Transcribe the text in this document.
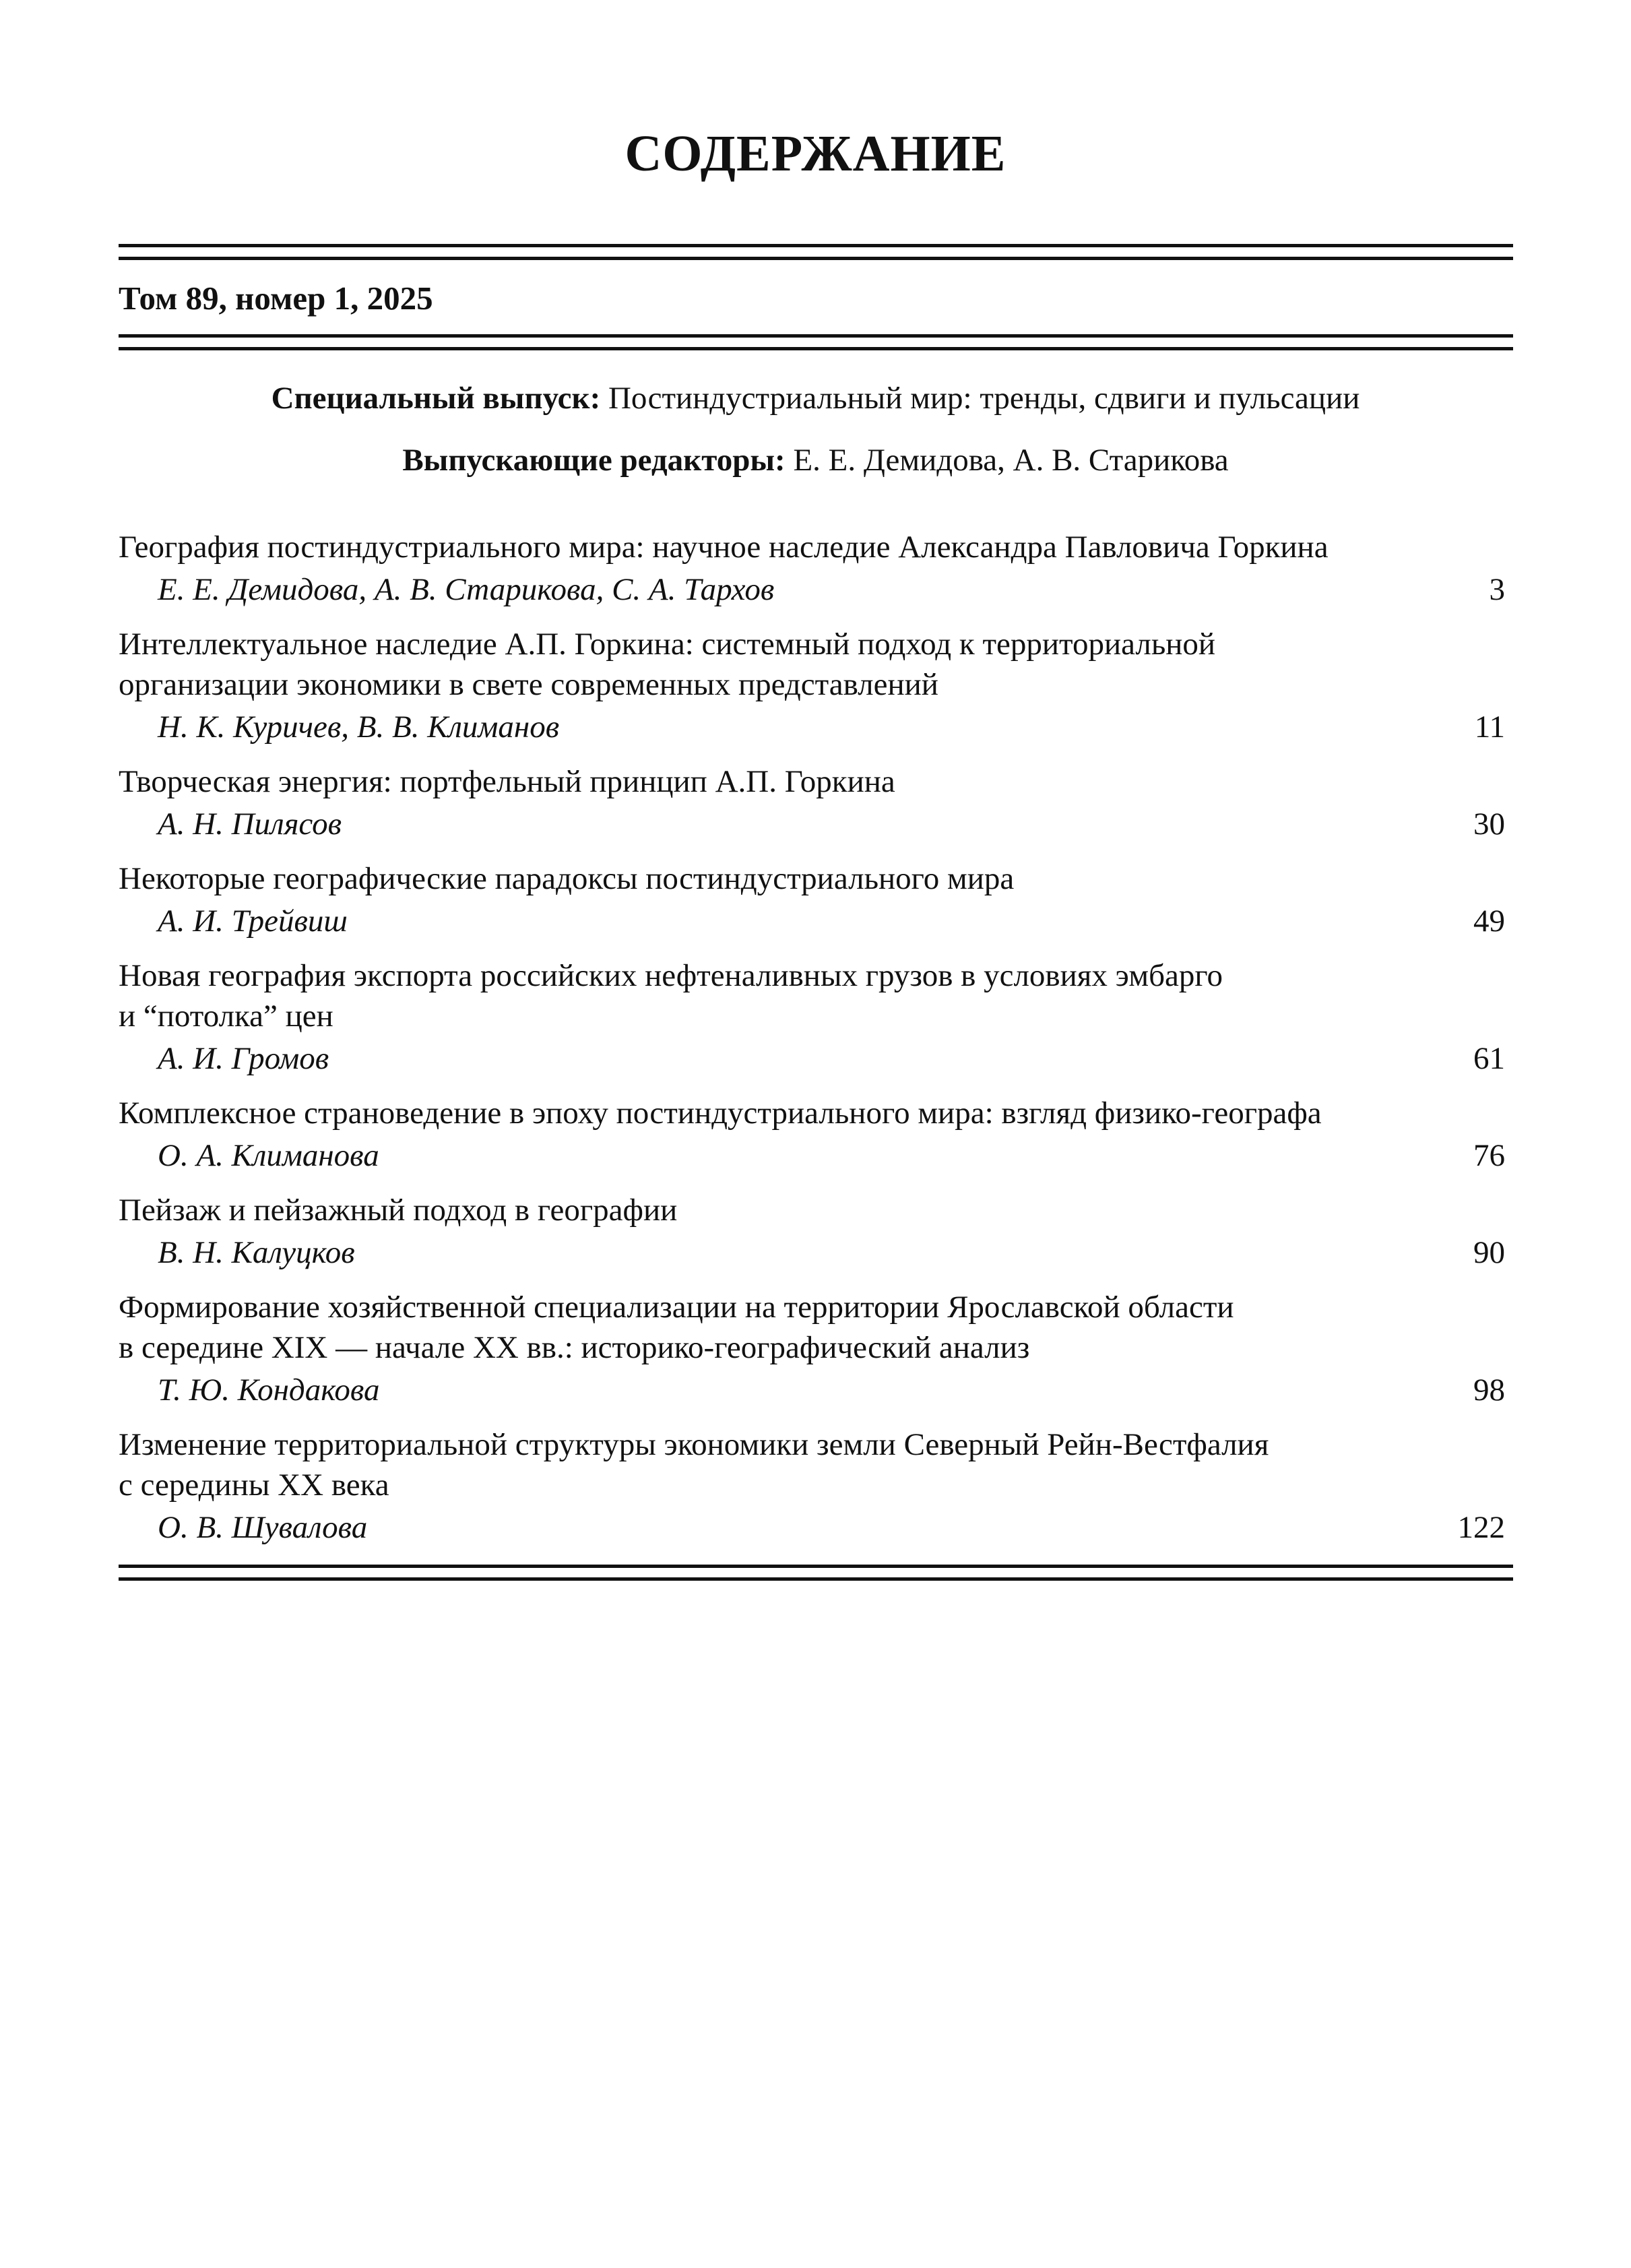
СОДЕРЖАНИЕ
Том 89, номер 1, 2025
Специальный выпуск: Постиндустриальный мир: тренды, сдвиги и пульсации
Выпускающие редакторы: Е. Е. Демидова, А. В. Старикова
География постиндустриального мира: научное наследие Александра Павловича Горкина
Е. Е. Демидова, А. В. Старикова, С. А. Тархов	3
Интеллектуальное наследие А.П. Горкина: системный подход к территориальной
организации экономики в свете современных представлений
Н. К. Куричев, В. В. Климанов	11
Творческая энергия: портфельный принцип А.П. Горкина
А. Н. Пилясов	30
Некоторые географические парадоксы постиндустриального мира
А. И. Трейвиш	49
Новая география экспорта российских нефтеналивных грузов в условиях эмбарго
и “потолка” цен
А. И. Громов	61
Комплексное страноведение в эпоху постиндустриального мира: взгляд физико-географа
О. А. Климанова	76
Пейзаж и пейзажный подход в географии
В. Н. Калуцков	90
Формирование хозяйственной специализации на территории Ярославской области
в середине XIX — начале XX вв.: историко-географический анализ
Т. Ю. Кондакова	98
Изменение территориальной структуры экономики земли Северный Рейн-Вестфалия
с середины XX века
О. В. Шувалова	122
